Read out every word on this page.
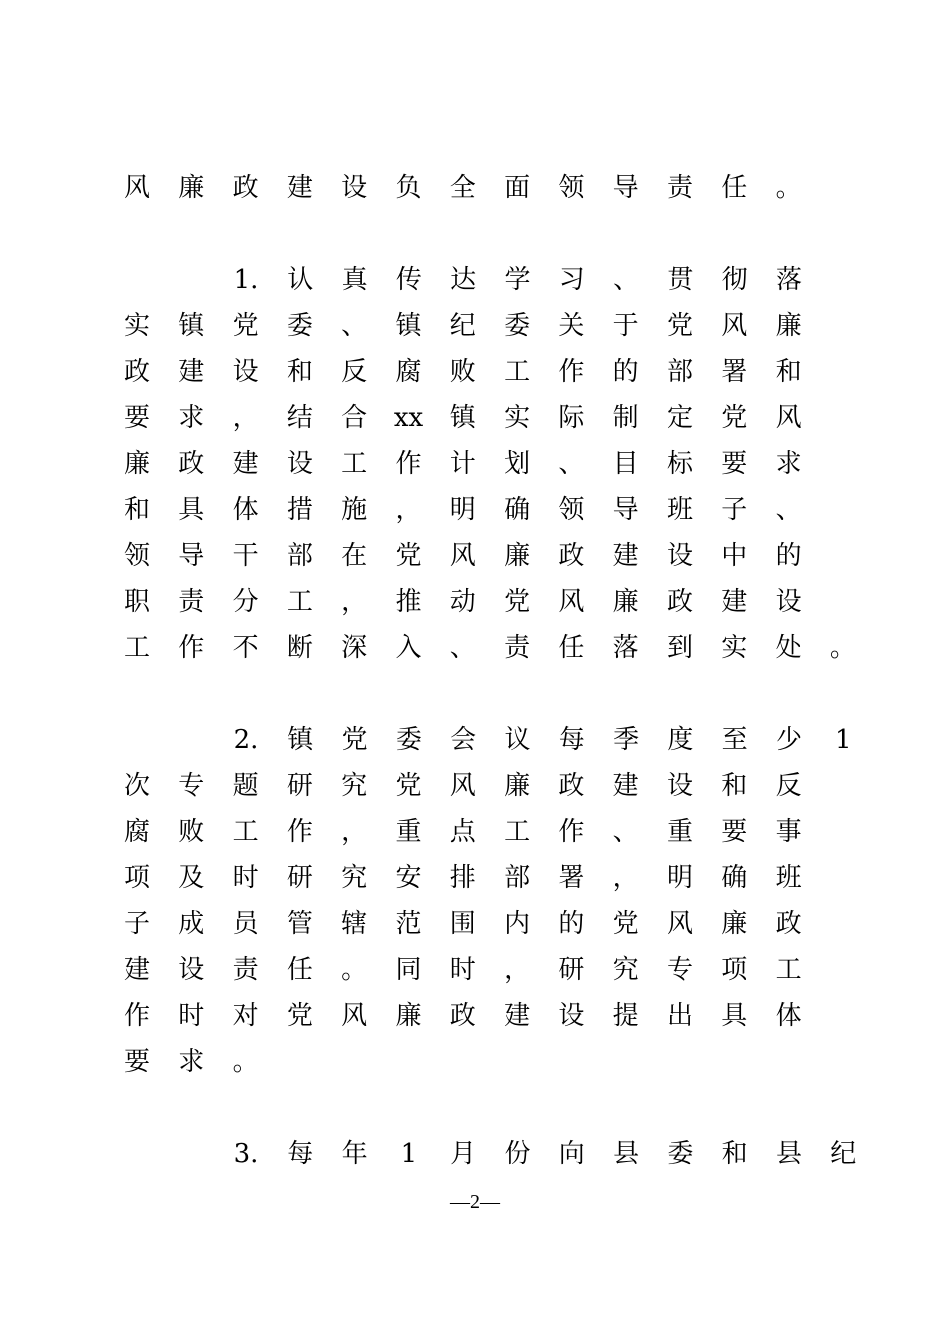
风 廉 政 建 设 负 全 面 领 导 责 任 。
1. 认 真 传 达 学 习 、 贯 彻 落
实 镇 党 委 、 镇 纪 委 关 于 党 风 廉
政 建 设 和 反 腐 败 工 作 的 部 署 和
要 求 ， 结 合 xx 镇 实 际 制 定 党 风
廉 政 建 设 工 作 计 划 、 目 标 要 求
和 具 体 措 施 ， 明 确 领 导 班 子 、
领 导 干 部 在 党 风 廉 政 建 设 中 的
职 责 分 工 ， 推 动 党 风 廉 政 建 设
工 作 不 断 深 入 、 责 任 落 到 实 处 。
2. 镇 党 委 会 议 每 季 度 至 少	1
次 专 题 研 究 党 风 廉 政 建 设 和 反
腐 败 工 作 ， 重 点 工 作 、 重 要 事
项 及 时 研 究 安 排 部 署 ， 明 确 班
子 成 员 管 辖 范 围 内 的 党 风 廉 政
建 设 责 任 。 同 时 ， 研 究 专 项 工
作 时 对 党 风 廉 政 建 设 提 出 具 体
要 求 。
3. 每 年	1	月 份 向 县 委 和 县 纪
—2—
